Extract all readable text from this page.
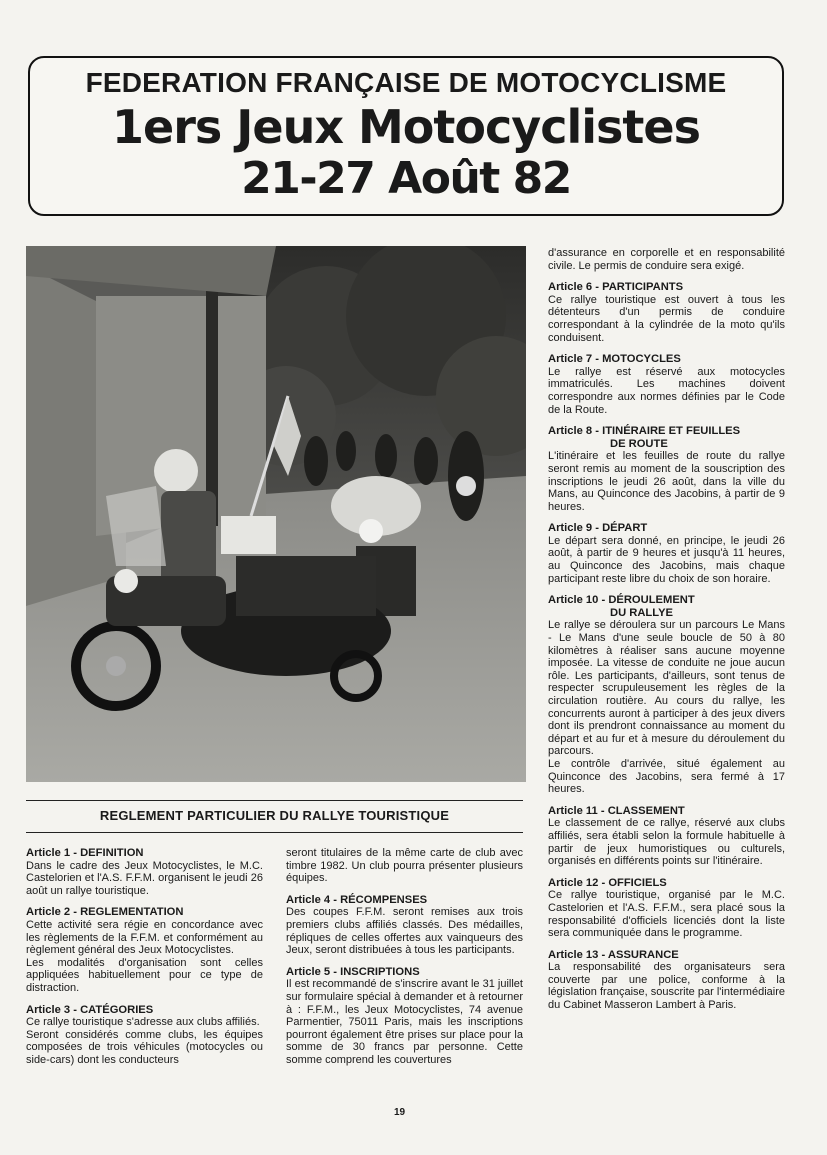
FEDERATION FRANÇAISE DE MOTOCYCLISME
1ers Jeux Motocyclistes
21-27 Août 82
REGLEMENT PARTICULIER DU RALLYE TOURISTIQUE
Article 1 - DEFINITION

Dans le cadre des Jeux Motocyclistes, le M.C. Castelorien et l'A.S. F.F.M. organisent le jeudi 26 août un rallye touristique.

Article 2 - REGLEMENTATION

Cette activité sera régie en concordance avec les règlements de la F.F.M. et conformément au règlement général des Jeux Motocyclistes.

Les modalités d'organisation sont celles appliquées habituellement pour ce type de distraction.

Article 3 - CATÉGORIES

Ce rallye touristique s'adresse aux clubs affiliés.

Seront considérés comme clubs, les équipes composées de trois véhicules (motocycles ou side-cars) dont les conducteurs

seront titulaires de la même carte de club avec timbre 1982. Un club pourra présenter plusieurs équipes.

Article 4 - RÉCOMPENSES

Des coupes F.F.M. seront remises aux trois premiers clubs affiliés classés. Des médailles, répliques de celles offertes aux vainqueurs des Jeux, seront distribuées à tous les participants.

Article 5 - INSCRIPTIONS

Il est recommandé de s'inscrire avant le 31 juillet sur formulaire spécial à demander et à retourner à : F.F.M., les Jeux Motocyclistes, 74 avenue Parmentier, 75011 Paris, mais les inscriptions pourront également être prises sur place pour la somme de 30 francs par personne. Cette somme comprend les couvertures

d'assurance en corporelle et en responsabilité civile. Le permis de conduire sera exigé.

Article 6 - PARTICIPANTS

Ce rallye touristique est ouvert à tous les détenteurs d'un permis de conduire correspondant à la cylindrée de la moto qu'ils conduisent.

Article 7 - MOTOCYCLES

Le rallye est réservé aux motocycles immatriculés. Les machines doivent correspondre aux normes définies par le Code de la Route.

Article 8 - ITINÉRAIRE ET FEUILLES
DE ROUTE

L'itinéraire et les feuilles de route du rallye seront remis au moment de la souscription des inscriptions le jeudi 26 août, dans la ville du Mans, au Quinconce des Jacobins, à partir de 9 heures.

Article 9 - DÉPART

Le départ sera donné, en principe, le jeudi 26 août, à partir de 9 heures et jusqu'à 11 heures, au Quinconce des Jacobins, mais chaque participant reste libre du choix de son horaire.

Article 10 - DÉROULEMENT
DU RALLYE

Le rallye se déroulera sur un parcours Le Mans - Le Mans d'une seule boucle de 50 à 80 kilomètres à réaliser sans aucune moyenne imposée. La vitesse de conduite ne joue aucun rôle. Les participants, d'ailleurs, sont tenus de respecter scrupuleusement les règles de la circulation routière. Au cours du rallye, les concurrents auront à participer à des jeux divers dont ils prendront connaissance au moment du départ et au fur et à mesure du déroulement du parcours.

Le contrôle d'arrivée, situé également au Quinconce des Jacobins, sera fermé à 17 heures.

Article 11 - CLASSEMENT

Le classement de ce rallye, réservé aux clubs affiliés, sera établi selon la formule habituelle à partir de jeux humoristiques ou culturels, organisés en différents points sur l'itinéraire.

Article 12 - OFFICIELS

Ce rallye touristique, organisé par le M.C. Castelorien et l'A.S. F.F.M., sera placé sous la responsabilité d'officiels licenciés dont la liste sera communiquée dans le programme.

Article 13 - ASSURANCE

La responsabilité des organisateurs sera couverte par une police, conforme à la législation française, souscrite par l'intermédiaire du Cabinet Masseron Lambert à Paris.

19
